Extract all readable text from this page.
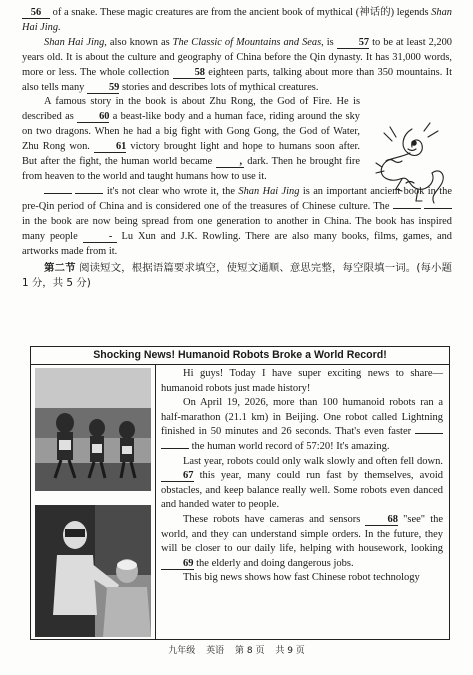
56 of a snake. These magic creatures are from the ancient book of mythical (神话的) legends Shan Hai Jing.

Shan Hai Jing, also known as The Classic of Mountains and Seas, is 57 to be at least 2,200 years old. It is about the culture and geography of China before the Qin dynasty. It has 31,000 words, more or less. The whole collection 58 eighteen parts, talking about more than 350 mountains. It also tells many 59 stories and describes lots of mythical creatures.

A famous story in the book is about Zhu Rong, the God of Fire. He is described as 60 a beast-like body and a human face, riding around the sky on two dragons. When he had a big fight with Gong Gong, the God of Water, Zhu Rong won.	61 victory brought light and hope to humans soon after. But after the fight, the human world became	, dark. Then he brought fire from heaven to the world and taught humans how to use it.

it's not clear who wrote it, the Shan Hai Jing is an important ancient book in the pre-Qin period of China and is considered one of the treasures of Chinese culture. The   in the book are now being spread from one generation to another in China. The book has inspired many people	- Lu Xun and J.K. Rowling. There are also many books, films, games, and artworks made from it.

第二节 阅读短文，根据语篇要求填空，使短文通顺、意思完整，每空限填一词。(每小题 1 分，共 5 分)

Shocking News! Humanoid Robots Broke a World Record!

Hi guys! Today I have super exciting news to share—humanoid robots just made history!

On April 19, 2026, more than 100 humanoid robots ran a half-marathon (21.1 km) in Beijing. One robot called Lightning finished in 50 minutes and 26 seconds. That's even faster   the human world record of 57:20! It's amazing.

Last year, robots could only walk slowly and often fell down. 67 this year, many could run fast by themselves, avoid obstacles, and keep balance really well. Some robots even danced and handed water to people.

These robots have cameras and sensors	68 "see" the world, and they can understand simple orders. In the future, they will be closer to our daily life, helping with housework, looking 69 the elderly and doing dangerous jobs.

This big news shows how fast Chinese robot technology

九年级 英语 第 8 页 共 9 页
